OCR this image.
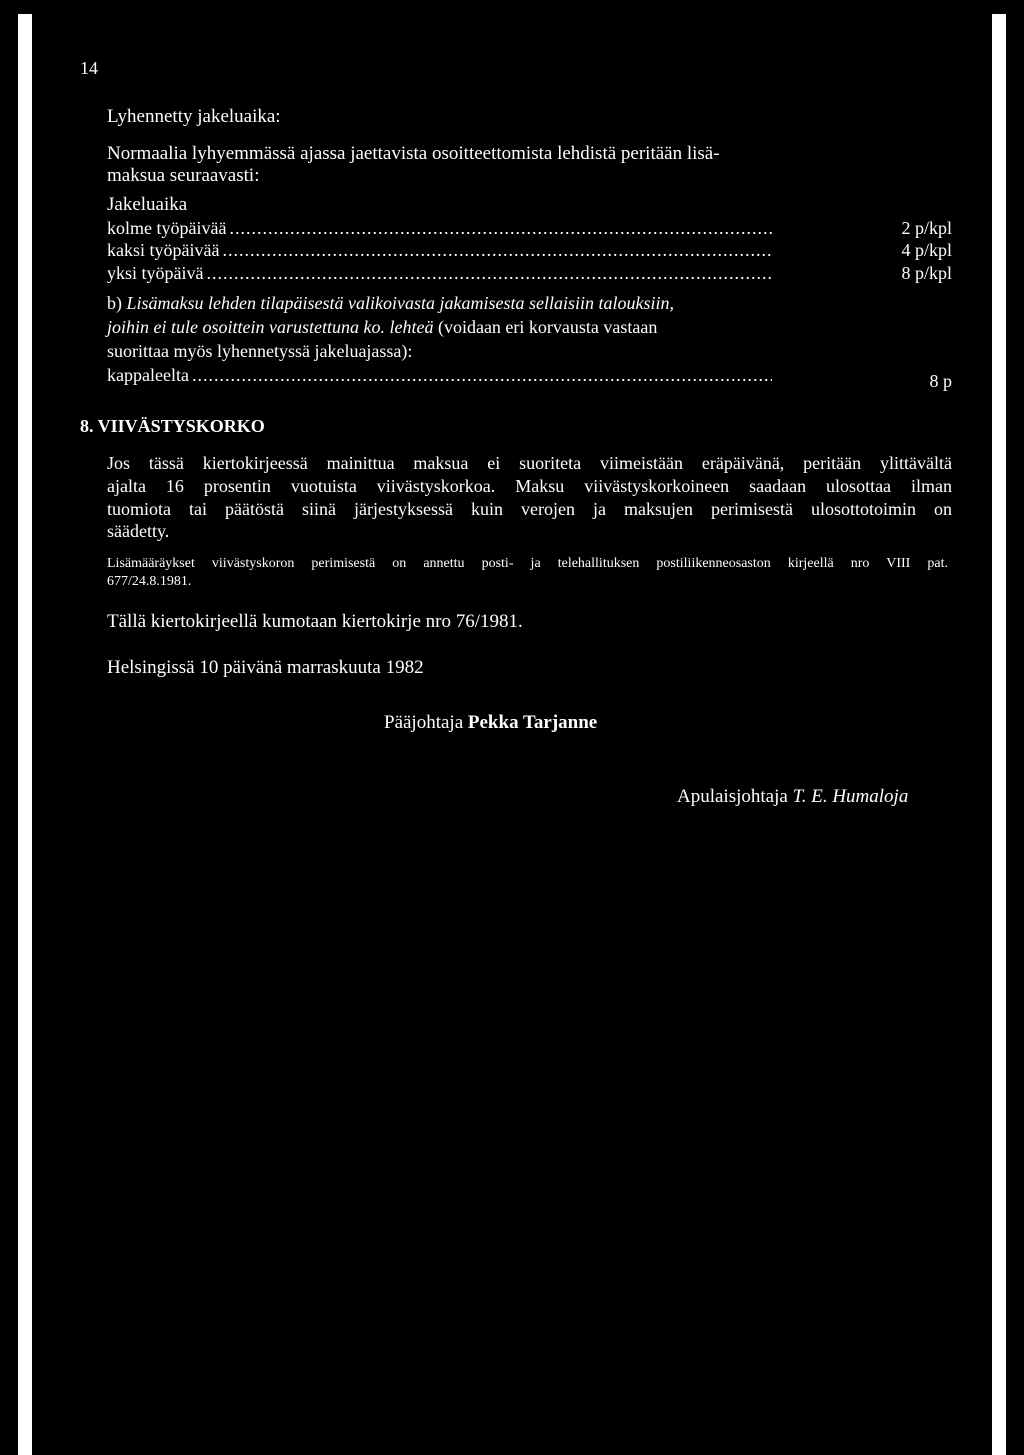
14
Lyhennetty jakeluaika:
Normaalia lyhyemmässä ajassa jaettavista osoitteettomista lehdistä peritään lisä-
maksua seuraavasti:
Jakeluaika
kolme työpäivää .....	2 p/kpl
kaksi työpäivää .....	4 p/kpl
yksi työpäivä .....	8 p/kpl
b) Lisämaksu lehden tilapäisestä valikoivasta jakamisesta sellaisiin talouksiin,
joihin ei tule osoittein varustettuna ko. lehteä (voidaan eri korvausta vastaan
suorittaa myös lyhennetyssä jakeluajassa):
kappaleelta .....	8 p
8. VIIVÄSTYSKORKO
Jos tässä kiertokirjeessä mainittua maksua ei suoriteta viimeistään eräpäivänä, peritään ylittävältä
ajalta 16 prosentin vuotuista viivästyskorkoa. Maksu viivästyskorkoineen saadaan ulosottaa ilman
tuomiota tai päätöstä siinä järjestyksessä kuin verojen ja maksujen perimisestä ulosottotoimin on
säädetty.
Lisämääräykset viivästyskoron perimisestä on annettu posti- ja telehallituksen postiliikenneosaston kirjeellä nro VIII pat.
677/24.8.1981.
Tällä kiertokirjeellä kumotaan kiertokirje nro 76/1981.
Helsingissä 10 päivänä marraskuuta 1982
Pääjohtaja Pekka Tarjanne
Apulaisjohtaja T. E. Humaloja
